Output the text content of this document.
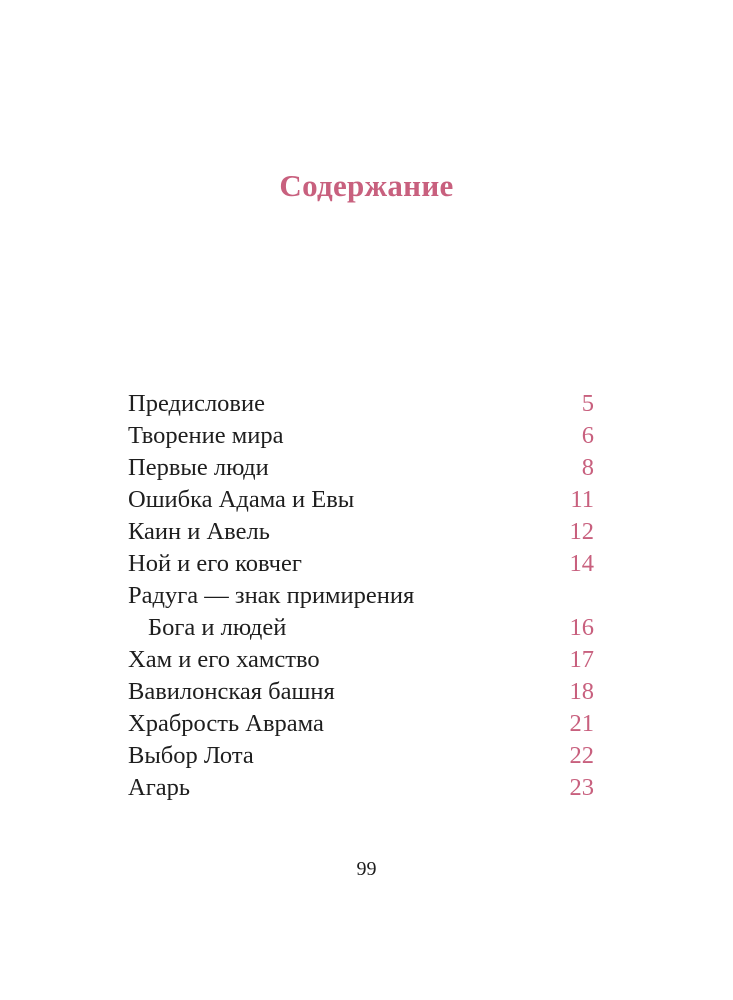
Содержание
Предисловие	5
Творение мира	6
Первые люди	8
Ошибка Адама и Евы	11
Каин и Авель	12
Ной и его ковчег	14
Радуга — знак примирения
Бога и людей	16
Хам и его хамство	17
Вавилонская башня	18
Храбрость Аврама	21
Выбор Лота	22
Агарь	23
99
